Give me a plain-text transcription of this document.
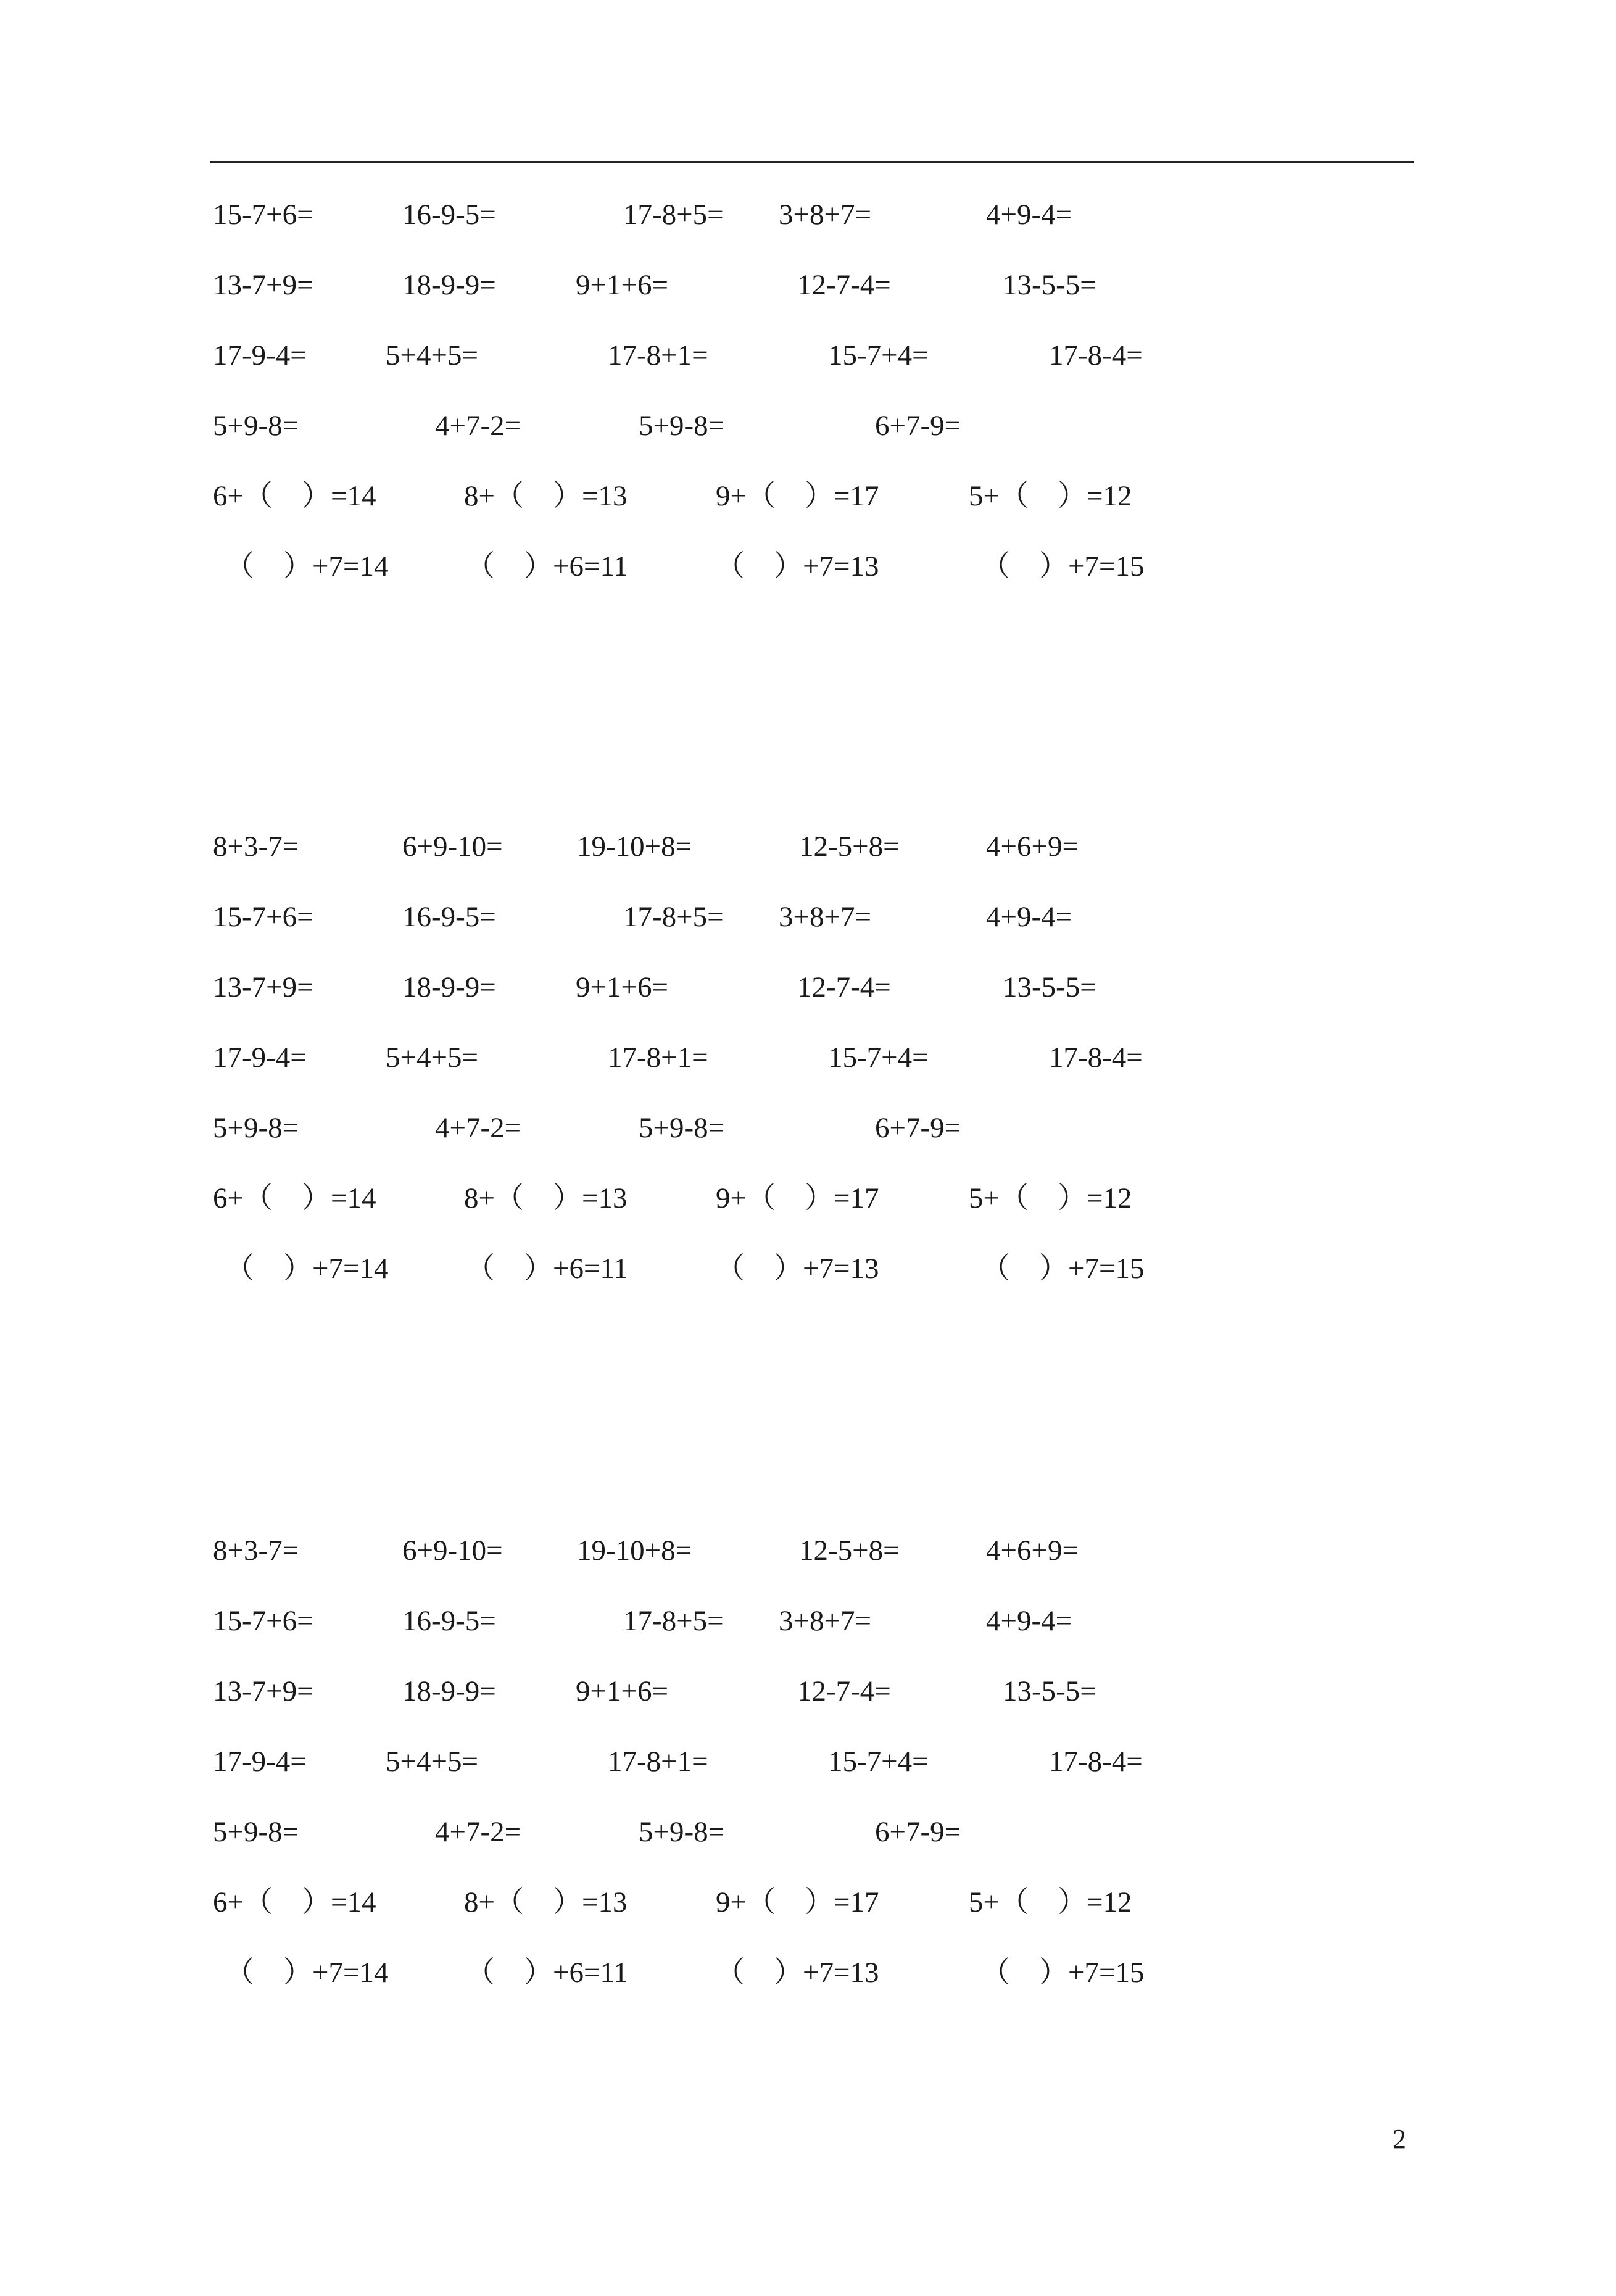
15-7+6=	16-9-5=	17-8+5= 3+8+7=	4+9-4=
13-7+9=	18-9-9=	9+1+6=	12-7-4=	13-5-5=
17-9-4=	5+4+5=	17-8+1=	15-7+4=	17-8-4=
5+9-8=	4+7-2=	5+9-8=	6+7-9=
6+（　）=14	8+（　）=13	9+（　）=17	5+（　）=12
（　）+7=14	（　）+6=11	（　）+7=13	（　）+7=15
8+3-7=	6+9-10=	19-10+8=	12-5+8=	4+6+9=
15-7+6=	16-9-5=	17-8+5= 3+8+7=	4+9-4=
13-7+9=	18-9-9=	9+1+6=	12-7-4=	13-5-5=
17-9-4=	5+4+5=	17-8+1=	15-7+4=	17-8-4=
5+9-8=	4+7-2=	5+9-8=	6+7-9=
6+（　）=14	8+（　）=13	9+（　）=17	5+（　）=12
（　）+7=14	（　）+6=11	（　）+7=13	（　）+7=15
8+3-7=	6+9-10=	19-10+8=	12-5+8=	4+6+9=
15-7+6=	16-9-5=	17-8+5= 3+8+7=	4+9-4=
13-7+9=	18-9-9=	9+1+6=	12-7-4=	13-5-5=
17-9-4=	5+4+5=	17-8+1=	15-7+4=	17-8-4=
5+9-8=	4+7-2=	5+9-8=	6+7-9=
6+（　）=14	8+（　）=13	9+（　）=17	5+（　）=12
（　）+7=14	（　）+6=11	（　）+7=13	（　）+7=15
2
